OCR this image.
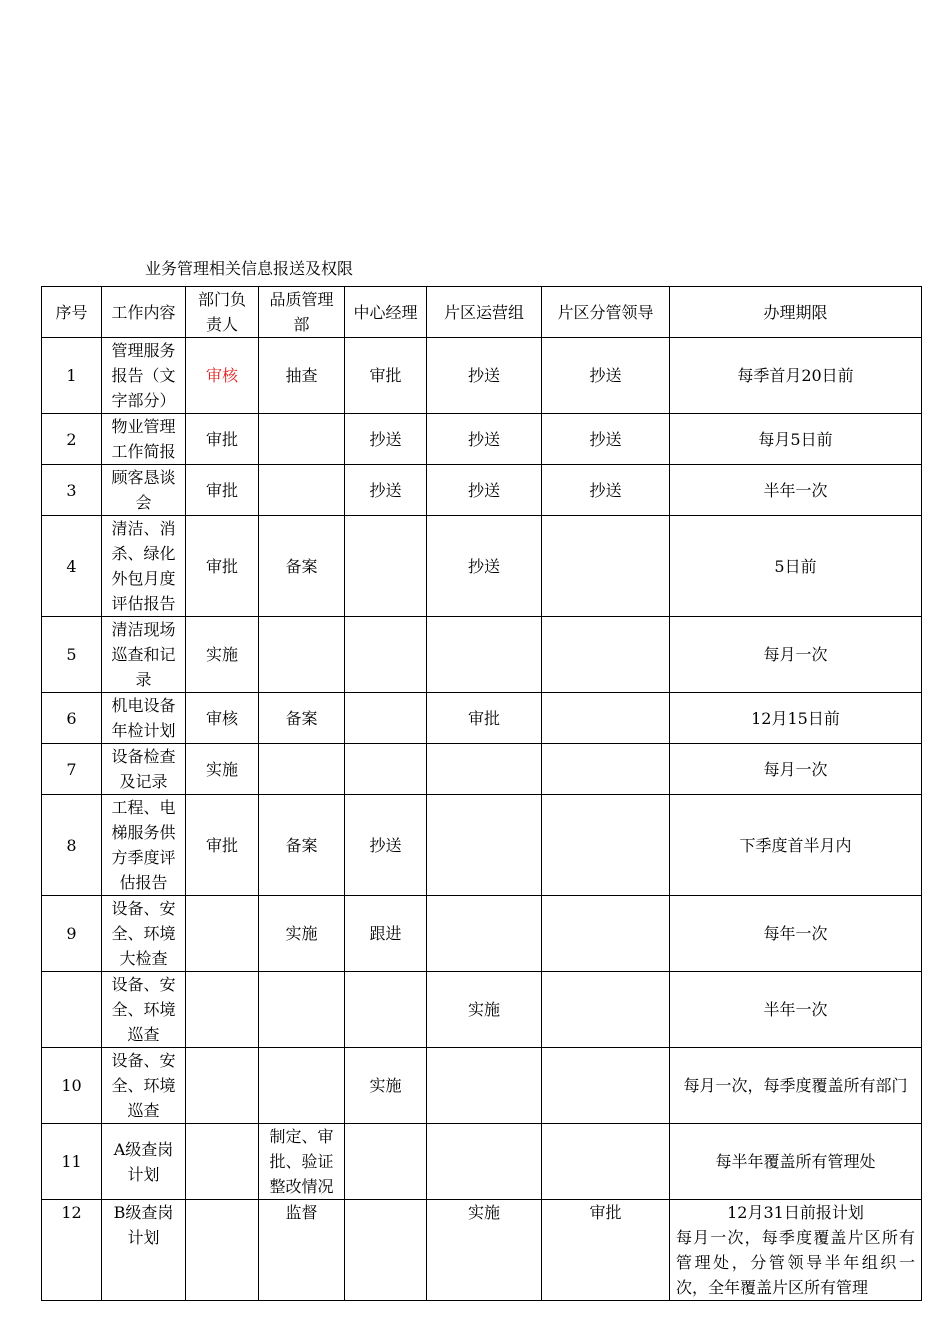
业务管理相关信息报送及权限
序号	工作内容	部门负责人	品质管理部	中心经理	片区运营组	片区分管领导	办理期限
1	管理服务报告（文字部分）	审核	抽查	审批	抄送	抄送	每季首月20日前
2	物业管理工作简报	审批		抄送	抄送	抄送	每月5日前
3	顾客恳谈会	审批		抄送	抄送	抄送	半年一次
4	清洁、消杀、绿化外包月度评估报告	审批	备案		抄送		5日前
5	清洁现场巡查和记录	实施					每月一次
6	机电设备年检计划	审核	备案		审批		12月15日前
7	设备检查及记录	实施					每月一次
8	工程、电梯服务供方季度评估报告	审批	备案	抄送			下季度首半月内
9	设备、安全、环境大检查		实施	跟进			每年一次
	设备、安全、环境巡查				实施		半年一次
10	设备、安全、环境巡查			实施			每月一次，每季度覆盖所有部门
11	A级查岗计划		制定、审批、验证整改情况				每半年覆盖所有管理处
12	B级查岗计划		监督		实施	审批	12月31日前报计划
每月一次，每季度覆盖片区所有管理处，分管领导半年组织一次，全年覆盖片区所有管理
